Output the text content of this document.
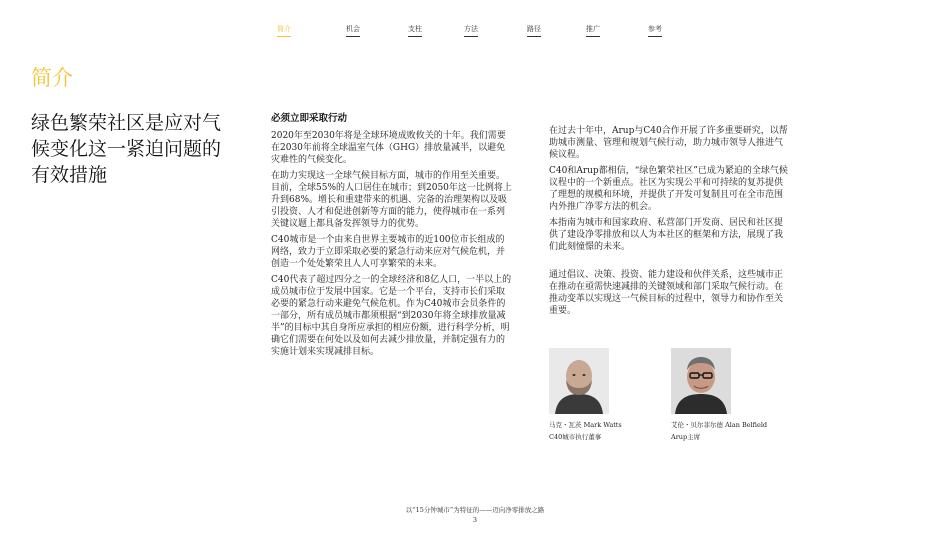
简介	机会	支柱	方法	路径	推广	参考
简介
绿色繁荣社区是应对气候变化这一紧迫问题的有效措施
必须立即采取行动

2020年至2030年将是全球环境成败攸关的十年。我们需要在2030年前将全球温室气体（GHG）排放量减半，以避免灾难性的气候变化。

在助力实现这一全球气候目标方面，城市的作用至关重要。目前，全球55%的人口居住在城市；到2050年这一比例将上升到68%。增长和重建带来的机遇、完备的治理架构以及吸引投资、人才和促进创新等方面的能力，使得城市在一系列关键议题上都具备发挥领导力的优势。

C40城市是一个由来自世界主要城市的近100位市长组成的网络，致力于立即采取必要的紧急行动来应对气候危机，并创造一个处处繁荣且人人可享繁荣的未来。

C40代表了超过四分之一的全球经济和8亿人口，一半以上的成员城市位于发展中国家。它是一个平台，支持市长们采取必要的紧急行动来避免气候危机。作为C40城市会员条件的一部分，所有成员城市都须根据“到2030年将全球排放量减半”的目标中其自身所应承担的相应份额，进行科学分析，明确它们需要在何处以及如何去减少排放量，并制定强有力的实施计划来实现减排目标。

在过去十年中，Arup与C40合作开展了许多重要研究，以帮助城市测量、管理和规划气候行动，助力城市领导人推进气候议程。

C40和Arup都相信，“绿色繁荣社区”已成为紧迫的全球气候议程中的一个新重点。社区为实现公平和可持续的复苏提供了理想的规模和环境，并提供了开发可复制且可在全市范围内外推广净零方法的机会。

本指南为城市和国家政府、私营部门开发商、居民和社区提供了建设净零排放和以人为本社区的框架和方法，展现了我们此刻憧憬的未来。

通过倡议、决策、投资、能力建设和伙伴关系，这些城市正在推动在亟需快速减排的关键领域和部门采取气候行动。在推动变革以实现这一气候目标的过程中，领导力和协作至关重要。

马克・瓦茨 Mark Watts
C40城市执行董事
艾伦・贝尔菲尔德 Alan Belfield
Arup主席
以“15分钟城市”为特征的——迈向净零排放之路
3
